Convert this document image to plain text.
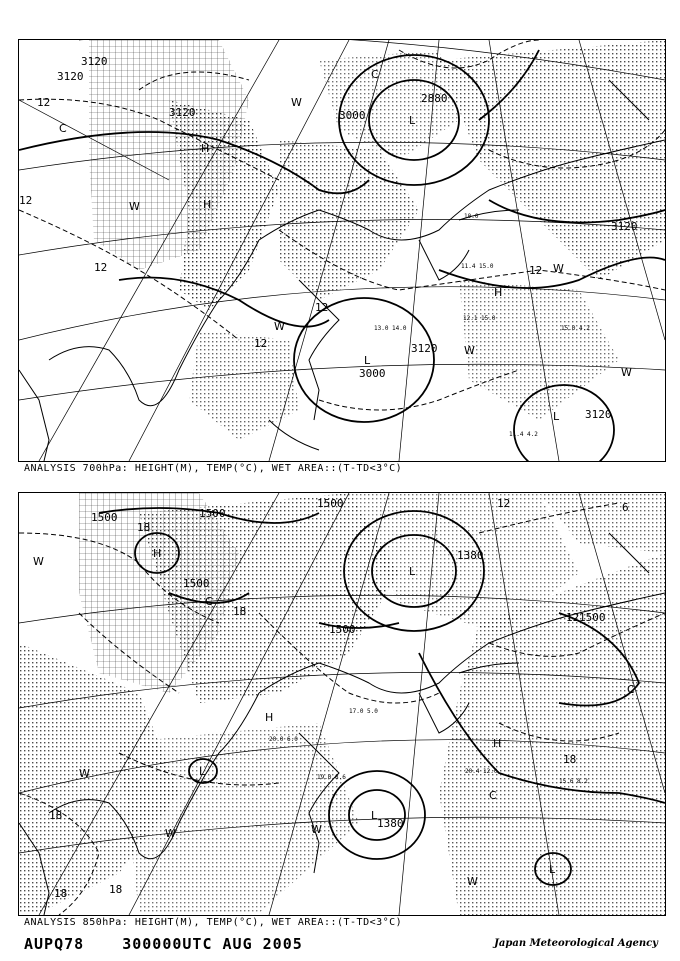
3120
3120
3120	3000
2880
3120
3000
3120
3120
12
12
12
12
12
12
L
L
L
H
H
H
C
C
W
W
W
W
W
W
10.0
11.4 15.0
12.1 15.0
15.0 4.2
11.4 4.2
13.0 14.0
ANALYSIS 700hPa: HEIGHT(M), TEMP(°C), WET AREA::(T-TD<3°C)
1500	1500
1500
1500
1500
1380
1380
1500
18
18
18
18	18
18
12
12
6
H
H
H
L
L
L
L
C
C
C
W
W
W	W
W
20.0 6.0
17.0 5.0
19.0 8.6
15.6 8.2
20.4 12.0
ANALYSIS 850hPa: HEIGHT(M), TEMP(°C), WET AREA::(T-TD<3°C)
AUPQ78	300000UTC AUG 2005	Japan Meteorological Agency
